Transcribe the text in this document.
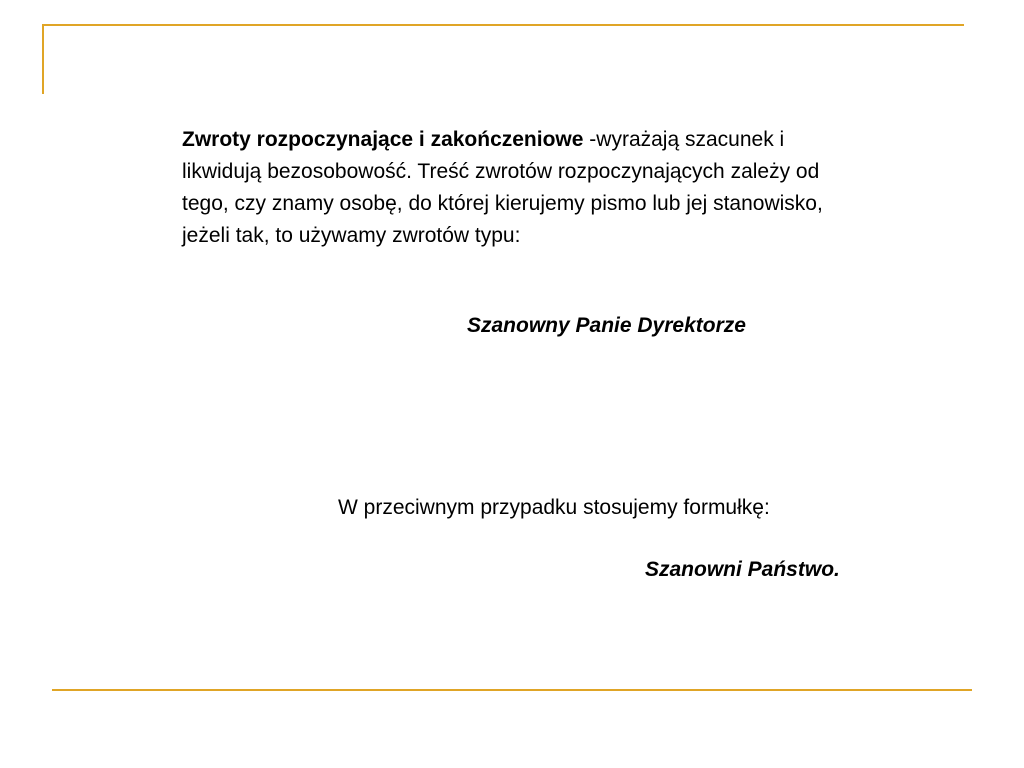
Zwroty rozpoczynające i zakończeniowe -wyrażają szacunek i likwidują bezosobowość. Treść zwrotów rozpoczynających zależy od tego, czy znamy osobę, do której kierujemy pismo lub jej stanowisko, jeżeli tak, to używamy zwrotów typu:
Szanowny Panie Dyrektorze
W przeciwnym przypadku stosujemy formułkę:
Szanowni Państwo.
